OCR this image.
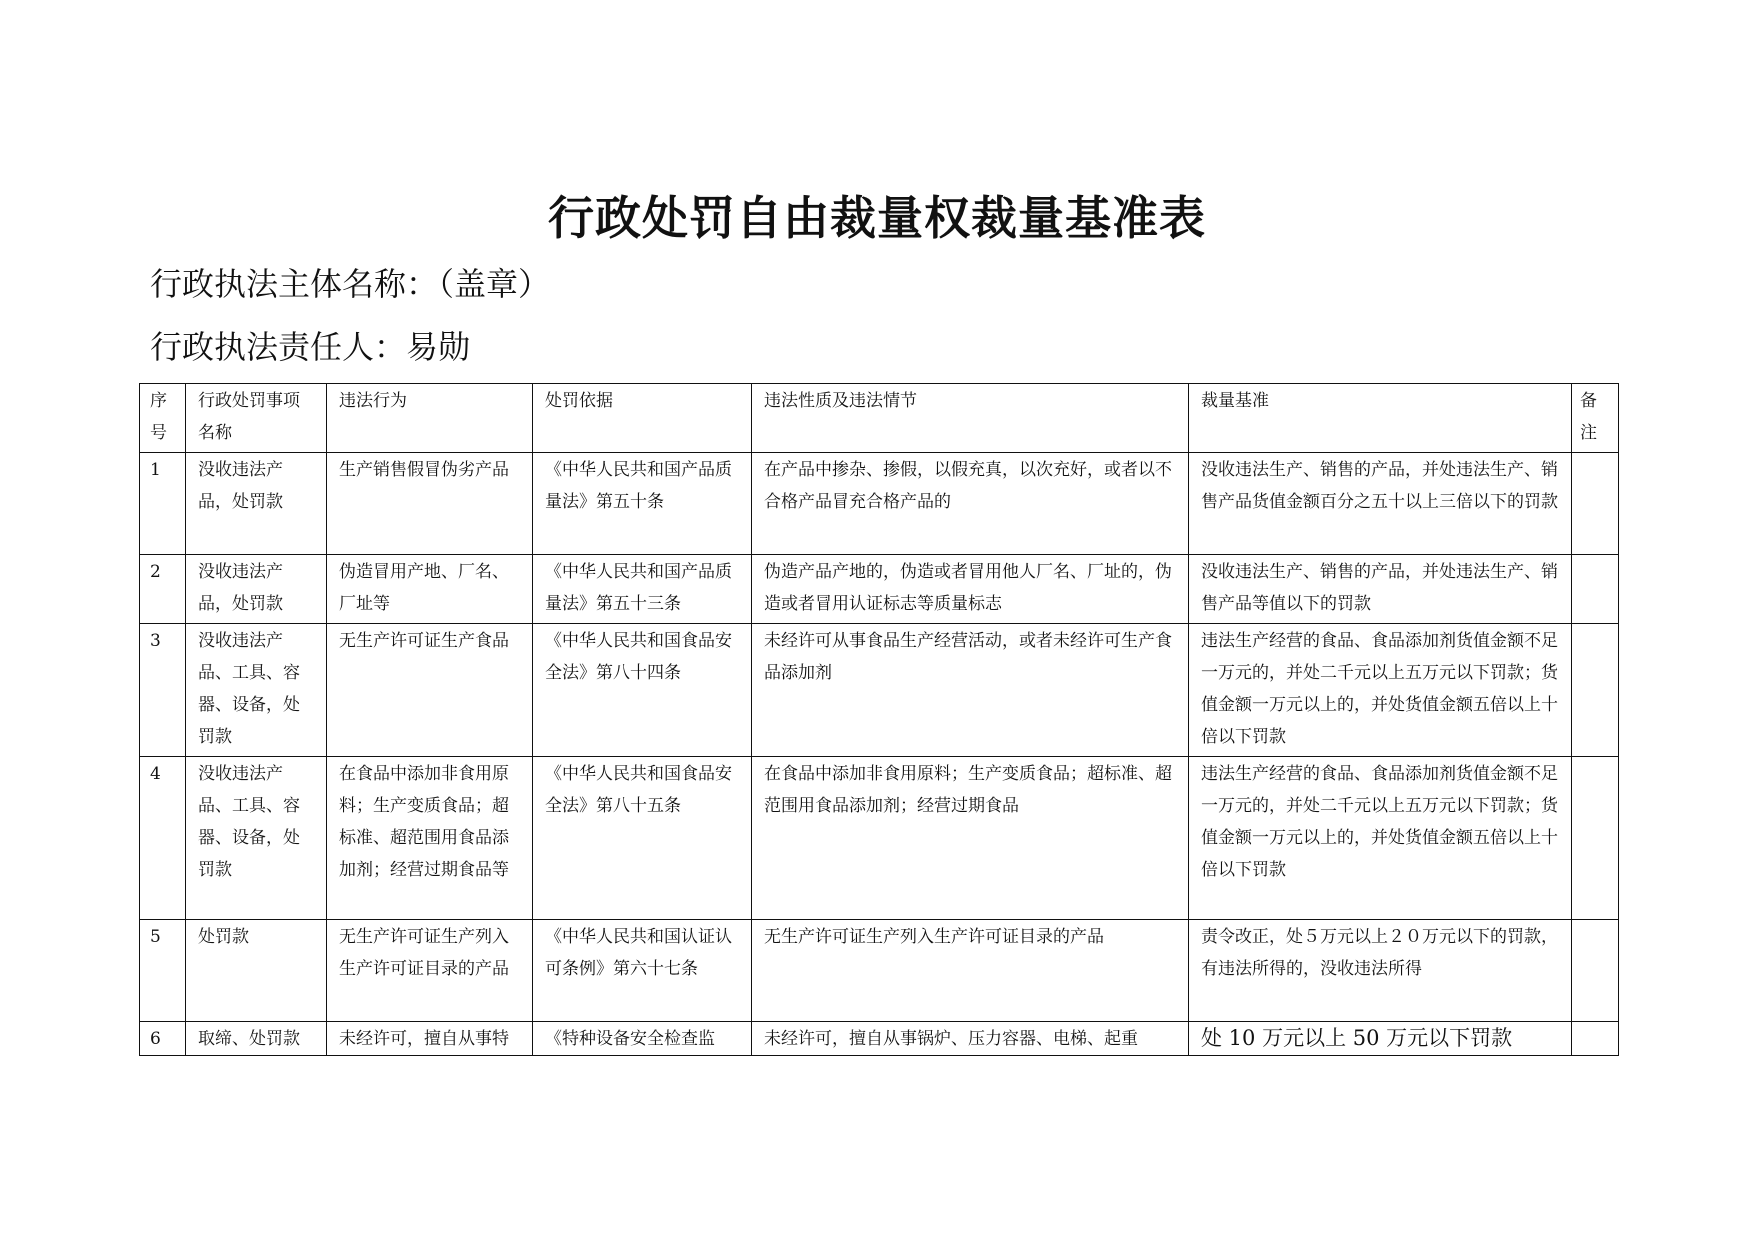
行政处罚自由裁量权裁量基准表
行政执法主体名称：（盖章）
行政执法责任人：易勋
序号	行政处罚事项名称	违法行为	处罚依据	违法性质及违法情节	裁量基准	备注
1	没收违法产品，处罚款	生产销售假冒伪劣产品	《中华人民共和国产品质量法》第五十条	在产品中掺杂、掺假，以假充真，以次充好，或者以不合格产品冒充合格产品的	没收违法生产、销售的产品，并处违法生产、销售产品货值金额百分之五十以上三倍以下的罚款	
2	没收违法产品，处罚款	伪造冒用产地、厂名、厂址等	《中华人民共和国产品质量法》第五十三条	伪造产品产地的，伪造或者冒用他人厂名、厂址的，伪造或者冒用认证标志等质量标志	没收违法生产、销售的产品，并处违法生产、销售产品等值以下的罚款	
3	没收违法产品、工具、容器、设备，处罚款	无生产许可证生产食品	《中华人民共和国食品安全法》第八十四条	未经许可从事食品生产经营活动，或者未经许可生产食品添加剂	违法生产经营的食品、食品添加剂货值金额不足一万元的，并处二千元以上五万元以下罚款；货值金额一万元以上的，并处货值金额五倍以上十倍以下罚款	
4	没收违法产品、工具、容器、设备，处罚款	在食品中添加非食用原料；生产变质食品；超标准、超范围用食品添加剂；经营过期食品等	《中华人民共和国食品安全法》第八十五条	在食品中添加非食用原料；生产变质食品；超标准、超范围用食品添加剂；经营过期食品	违法生产经营的食品、食品添加剂货值金额不足一万元的，并处二千元以上五万元以下罚款；货值金额一万元以上的，并处货值金额五倍以上十倍以下罚款	
5	处罚款	无生产许可证生产列入生产许可证目录的产品	《中华人民共和国认证认可条例》第六十七条	无生产许可证生产列入生产许可证目录的产品	责令改正，处５万元以上２０万元以下的罚款，有违法所得的，没收违法所得	
6	取缔、处罚款	未经许可，擅自从事特	《特种设备安全检查监	未经许可，擅自从事锅炉、压力容器、电梯、起重	处 10 万元以上 50 万元以下罚款	
